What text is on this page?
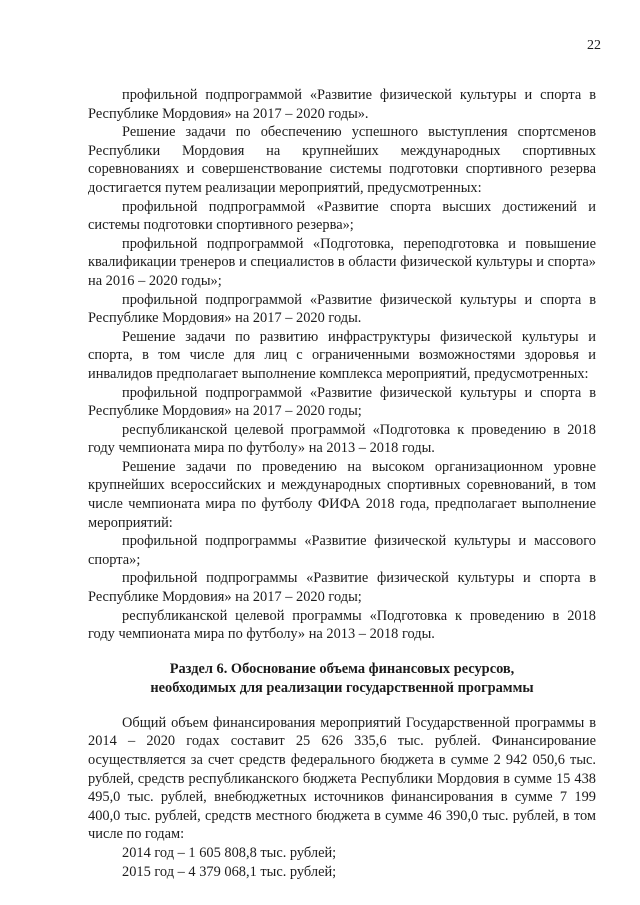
22

профильной подпрограммой «Развитие физической культуры и спорта в Республике Мордовия» на 2017 – 2020 годы».

Решение задачи по обеспечению успешного выступления спортсменов Республики Мордовия на крупнейших международных спортивных соревнованиях и совершенствование системы подготовки спортивного резерва достигается путем реализации мероприятий, предусмотренных:

профильной подпрограммой «Развитие спорта высших достижений и системы подготовки спортивного резерва»;

профильной подпрограммой «Подготовка, переподготовка и повышение квалификации тренеров и специалистов в области физической культуры и спорта» на 2016 – 2020 годы»;

профильной подпрограммой «Развитие физической культуры и спорта в Республике Мордовия» на 2017 – 2020 годы.

Решение задачи по развитию инфраструктуры физической культуры и спорта, в том числе для лиц с ограниченными возможностями здоровья и инвалидов предполагает выполнение комплекса мероприятий, предусмотренных:

профильной подпрограммой «Развитие физической культуры и спорта в Республике Мордовия» на 2017 – 2020 годы;

республиканской целевой программой «Подготовка к проведению в 2018 году чемпионата мира по футболу» на 2013 – 2018 годы.

Решение задачи по проведению на высоком организационном уровне крупнейших всероссийских и международных спортивных соревнований, в том числе чемпионата мира по футболу ФИФА 2018 года, предполагает выполнение мероприятий:

профильной подпрограммы «Развитие физической культуры и массового спорта»;

профильной подпрограммы «Развитие физической культуры и спорта в Республике Мордовия» на 2017 – 2020 годы;

республиканской целевой программы «Подготовка к проведению в 2018 году чемпионата мира по футболу» на 2013 – 2018 годы.

Раздел 6. Обоснование объема финансовых ресурсов,
необходимых для реализации государственной программы

Общий объем финансирования мероприятий Государственной программы в 2014 – 2020 годах составит 25 626 335,6 тыс. рублей. Финансирование осуществляется за счет средств федерального бюджета в сумме 2 942 050,6 тыс. рублей, средств республиканского бюджета Республики Мордовия в сумме 15 438 495,0 тыс. рублей, внебюджетных источников финансирования в сумме 7 199 400,0 тыс. рублей, средств местного бюджета в сумме 46 390,0 тыс. рублей, в том числе по годам:

2014 год – 1 605 808,8 тыс. рублей;

2015 год – 4 379 068,1 тыс. рублей;
